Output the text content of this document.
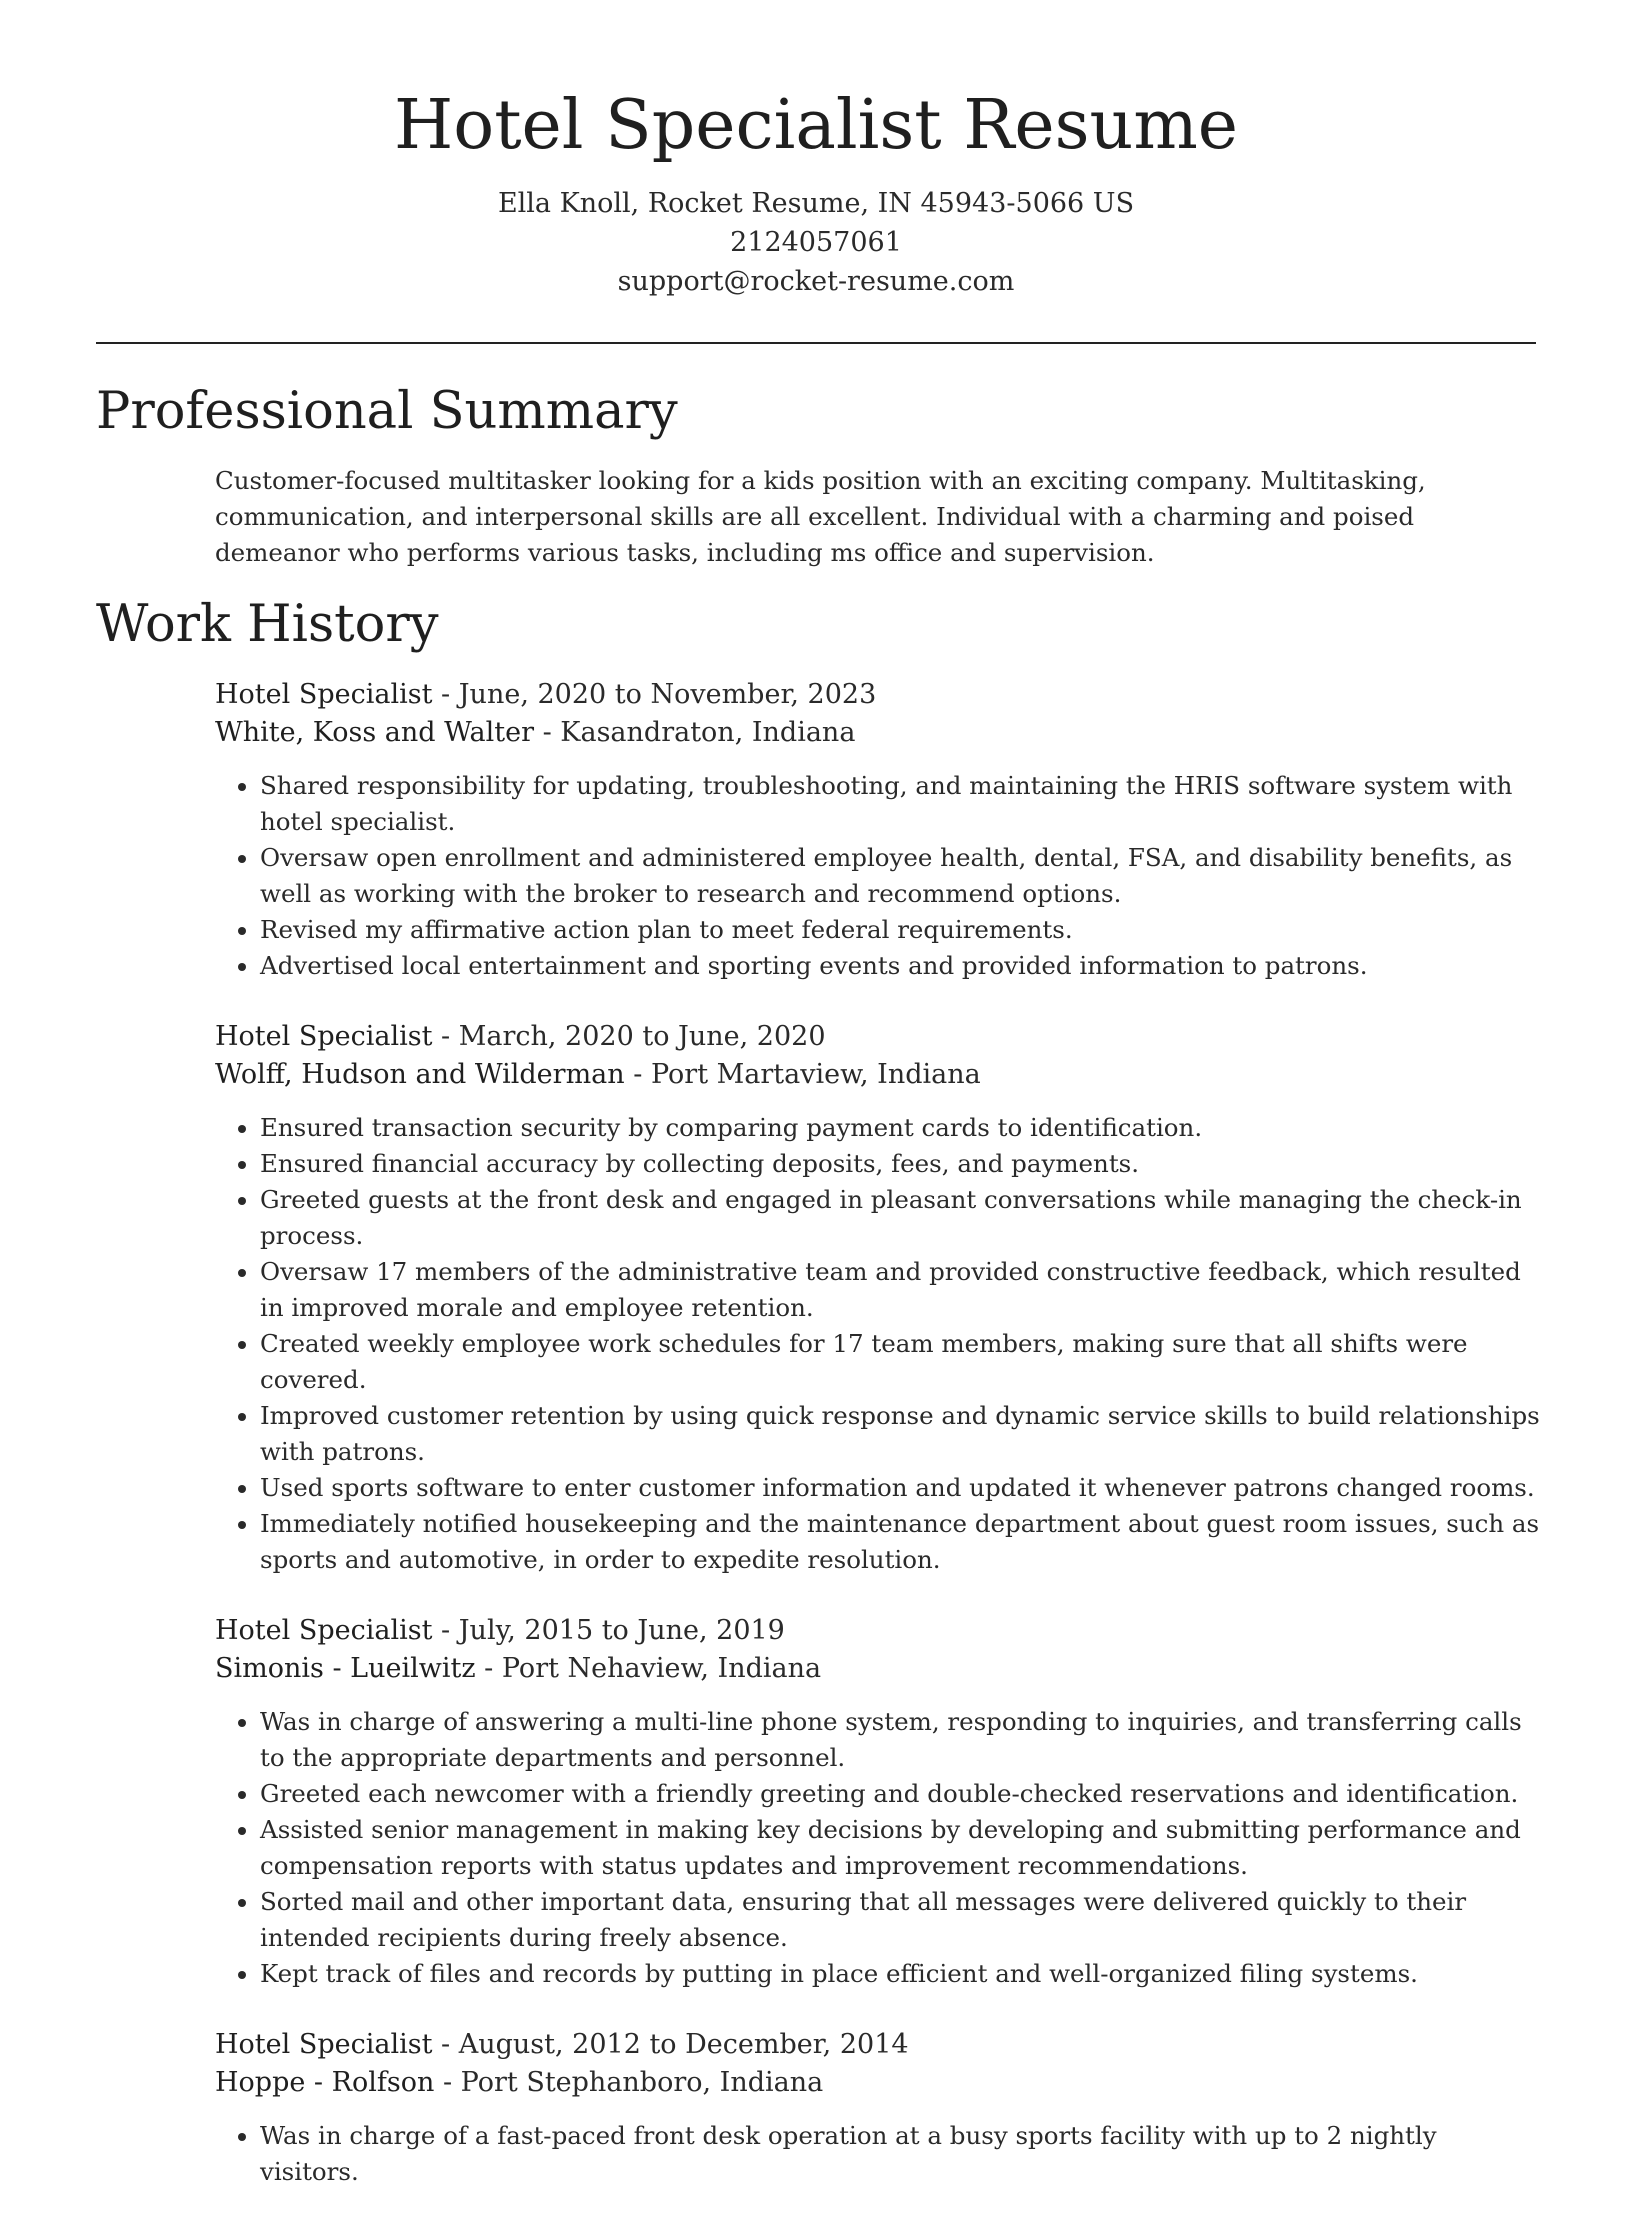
Hotel Specialist Resume
Ella Knoll, Rocket Resume, IN 45943-5066 US
2124057061
support@rocket-resume.com
Professional Summary
Customer-focused multitasker looking for a kids position with an exciting company. Multitasking, communication, and interpersonal skills are all excellent. Individual with a charming and poised demeanor who performs various tasks, including ms office and supervision.
Work History
Hotel Specialist - June, 2020 to November, 2023
White, Koss and Walter - Kasandraton, Indiana
• Shared responsibility for updating, troubleshooting, and maintaining the HRIS software system with hotel specialist.
• Oversaw open enrollment and administered employee health, dental, FSA, and disability benefits, as well as working with the broker to research and recommend options.
• Revised my affirmative action plan to meet federal requirements.
• Advertised local entertainment and sporting events and provided information to patrons.
Hotel Specialist - March, 2020 to June, 2020
Wolff, Hudson and Wilderman - Port Martaview, Indiana
• Ensured transaction security by comparing payment cards to identification.
• Ensured financial accuracy by collecting deposits, fees, and payments.
• Greeted guests at the front desk and engaged in pleasant conversations while managing the check-in process.
• Oversaw 17 members of the administrative team and provided constructive feedback, which resulted in improved morale and employee retention.
• Created weekly employee work schedules for 17 team members, making sure that all shifts were covered.
• Improved customer retention by using quick response and dynamic service skills to build relationships with patrons.
• Used sports software to enter customer information and updated it whenever patrons changed rooms.
• Immediately notified housekeeping and the maintenance department about guest room issues, such as sports and automotive, in order to expedite resolution.
Hotel Specialist - July, 2015 to June, 2019
Simonis - Lueilwitz - Port Nehaview, Indiana
• Was in charge of answering a multi-line phone system, responding to inquiries, and transferring calls to the appropriate departments and personnel.
• Greeted each newcomer with a friendly greeting and double-checked reservations and identification.
• Assisted senior management in making key decisions by developing and submitting performance and compensation reports with status updates and improvement recommendations.
• Sorted mail and other important data, ensuring that all messages were delivered quickly to their intended recipients during freely absence.
• Kept track of files and records by putting in place efficient and well-organized filing systems.
Hotel Specialist - August, 2012 to December, 2014
Hoppe - Rolfson - Port Stephanboro, Indiana
• Was in charge of a fast-paced front desk operation at a busy sports facility with up to 2 nightly visitors.
